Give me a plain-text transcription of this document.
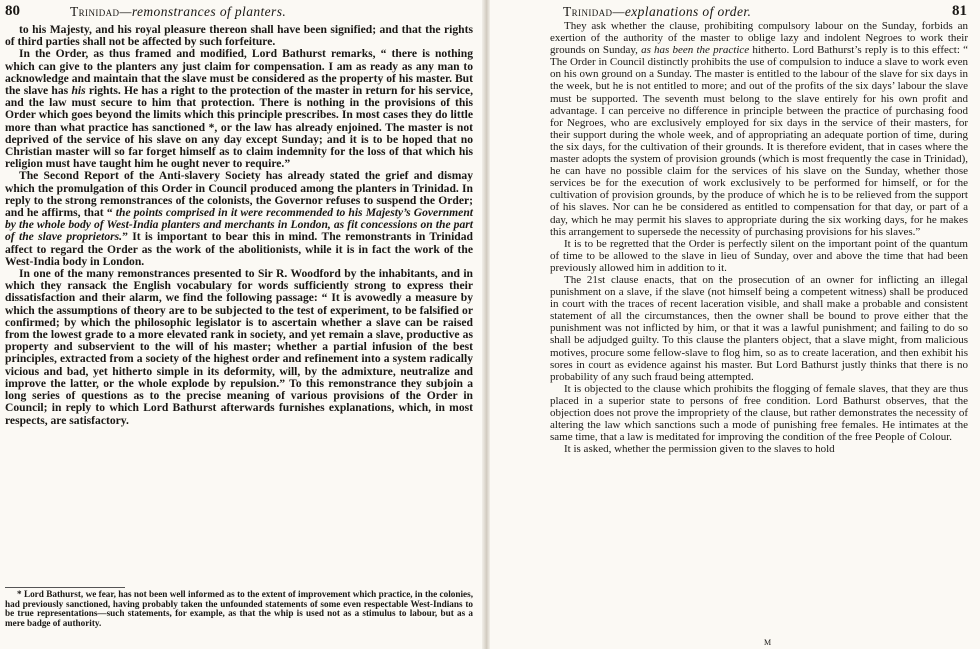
80	Trinidad—remonstrances of planters.

to his Majesty, and his royal pleasure thereon shall have been signified; and that the rights of third parties shall not be affected by such forfeiture.

In the Order, as thus framed and modified, Lord Bathurst remarks, “ there is nothing which can give to the planters any just claim for compensation. I am as ready as any man to acknowledge and maintain that the slave must be considered as the property of his master. But the slave has his rights. He has a right to the protection of the master in return for his service, and the law must secure to him that protection. There is nothing in the provisions of this Order which goes beyond the limits which this principle prescribes. In most cases they do little more than what practice has sanctioned *, or the law has already enjoined. The master is not deprived of the service of his slave on any day except Sunday; and it is to be hoped that no Christian master will so far forget himself as to claim indemnity for the loss of that which his religion must have taught him he ought never to require.”

The Second Report of the Anti-slavery Society has already stated the grief and dismay which the promulgation of this Order in Council produced among the planters in Trinidad. In reply to the strong remonstrances of the colonists, the Governor refuses to suspend the Order; and he affirms, that “ the points comprised in it were recommended to his Majesty’s Government by the whole body of West-India planters and merchants in London, as fit concessions on the part of the slave proprietors.” It is important to bear this in mind. The remonstrants in Trinidad affect to regard the Order as the work of the abolitionists, while it is in fact the work of the West-India body in London.

In one of the many remonstrances presented to Sir R. Woodford by the inhabitants, and in which they ransack the English vocabulary for words sufficiently strong to express their dissatisfaction and their alarm, we find the following passage: “ It is avowedly a measure by which the assumptions of theory are to be subjected to the test of experiment, to be falsified or confirmed; by which the philosophic legislator is to ascertain whether a slave can be raised from the lowest grade to a more elevated rank in society, and yet remain a slave, productive as property and subservient to the will of his master; whether a partial infusion of the best principles, extracted from a society of the highest order and refinement into a system radically vicious and bad, yet hitherto simple in its deformity, will, by the admixture, neutralize and improve the latter, or the whole explode by repulsion.” To this remonstrance they subjoin a long series of questions as to the precise meaning of various provisions of the Order in Council; in reply to which Lord Bathurst afterwards furnishes explanations, which, in most respects, are satisfactory.

* Lord Bathurst, we fear, has not been well informed as to the extent of improvement which practice, in the colonies, had previously sanctioned, having probably taken the unfounded statements of some even respectable West-Indians to be true representations—such statements, for example, as that the whip is used not as a stimulus to labour, but as a mere badge of authority.

Trinidad—explanations of order.	81

They ask whether the clause, prohibiting compulsory labour on the Sunday, forbids an exertion of the authority of the master to oblige lazy and indolent Negroes to work their grounds on Sunday, as has been the practice hitherto. Lord Bathurst’s reply is to this effect: “ The Order in Council distinctly prohibits the use of compulsion to induce a slave to work even on his own ground on a Sunday. The master is entitled to the labour of the slave for six days in the week, but he is not entitled to more; and out of the profits of the six days’ labour the slave must be supported. The seventh must belong to the slave entirely for his own profit and advantage. I can perceive no difference in principle between the practice of purchasing food for Negroes, who are exclusively employed for six days in the service of their masters, for their support during the whole week, and of appropriating an adequate portion of time, during the six days, for the cultivation of their grounds. It is therefore evident, that in cases where the master adopts the system of provision grounds (which is most frequently the case in Trinidad), he can have no possible claim for the services of his slave on the Sunday, whether those services be for the execution of work exclusively to be performed for himself, or for the cultivation of provision grounds, by the produce of which he is to be relieved from the support of his slaves. Nor can he be considered as entitled to compensation for that day, or part of a day, which he may permit his slaves to appropriate during the six working days, for he makes this arrangement to supersede the necessity of purchasing provisions for his slaves.”

It is to be regretted that the Order is perfectly silent on the important point of the quantum of time to be allowed to the slave in lieu of Sunday, over and above the time that had been previously allowed him in addition to it.

The 21st clause enacts, that on the prosecution of an owner for inflicting an illegal punishment on a slave, if the slave (not himself being a competent witness) shall be produced in court with the traces of recent laceration visible, and shall make a probable and consistent statement of all the circumstances, then the owner shall be bound to prove either that the punishment was not inflicted by him, or that it was a lawful punishment; and failing to do so shall be adjudged guilty. To this clause the planters object, that a slave might, from malicious motives, procure some fellow-slave to flog him, so as to create laceration, and then exhibit his sores in court as evidence against his master. But Lord Bathurst justly thinks that there is no probability of any such fraud being attempted.

It is objected to the clause which prohibits the flogging of female slaves, that they are thus placed in a superior state to persons of free condition. Lord Bathurst observes, that the objection does not prove the impropriety of the clause, but rather demonstrates the necessity of altering the law which sanctions such a mode of punishing free females. He intimates at the same time, that a law is meditated for improving the condition of the free People of Colour.

It is asked, whether the permission given to the slaves to hold

M
